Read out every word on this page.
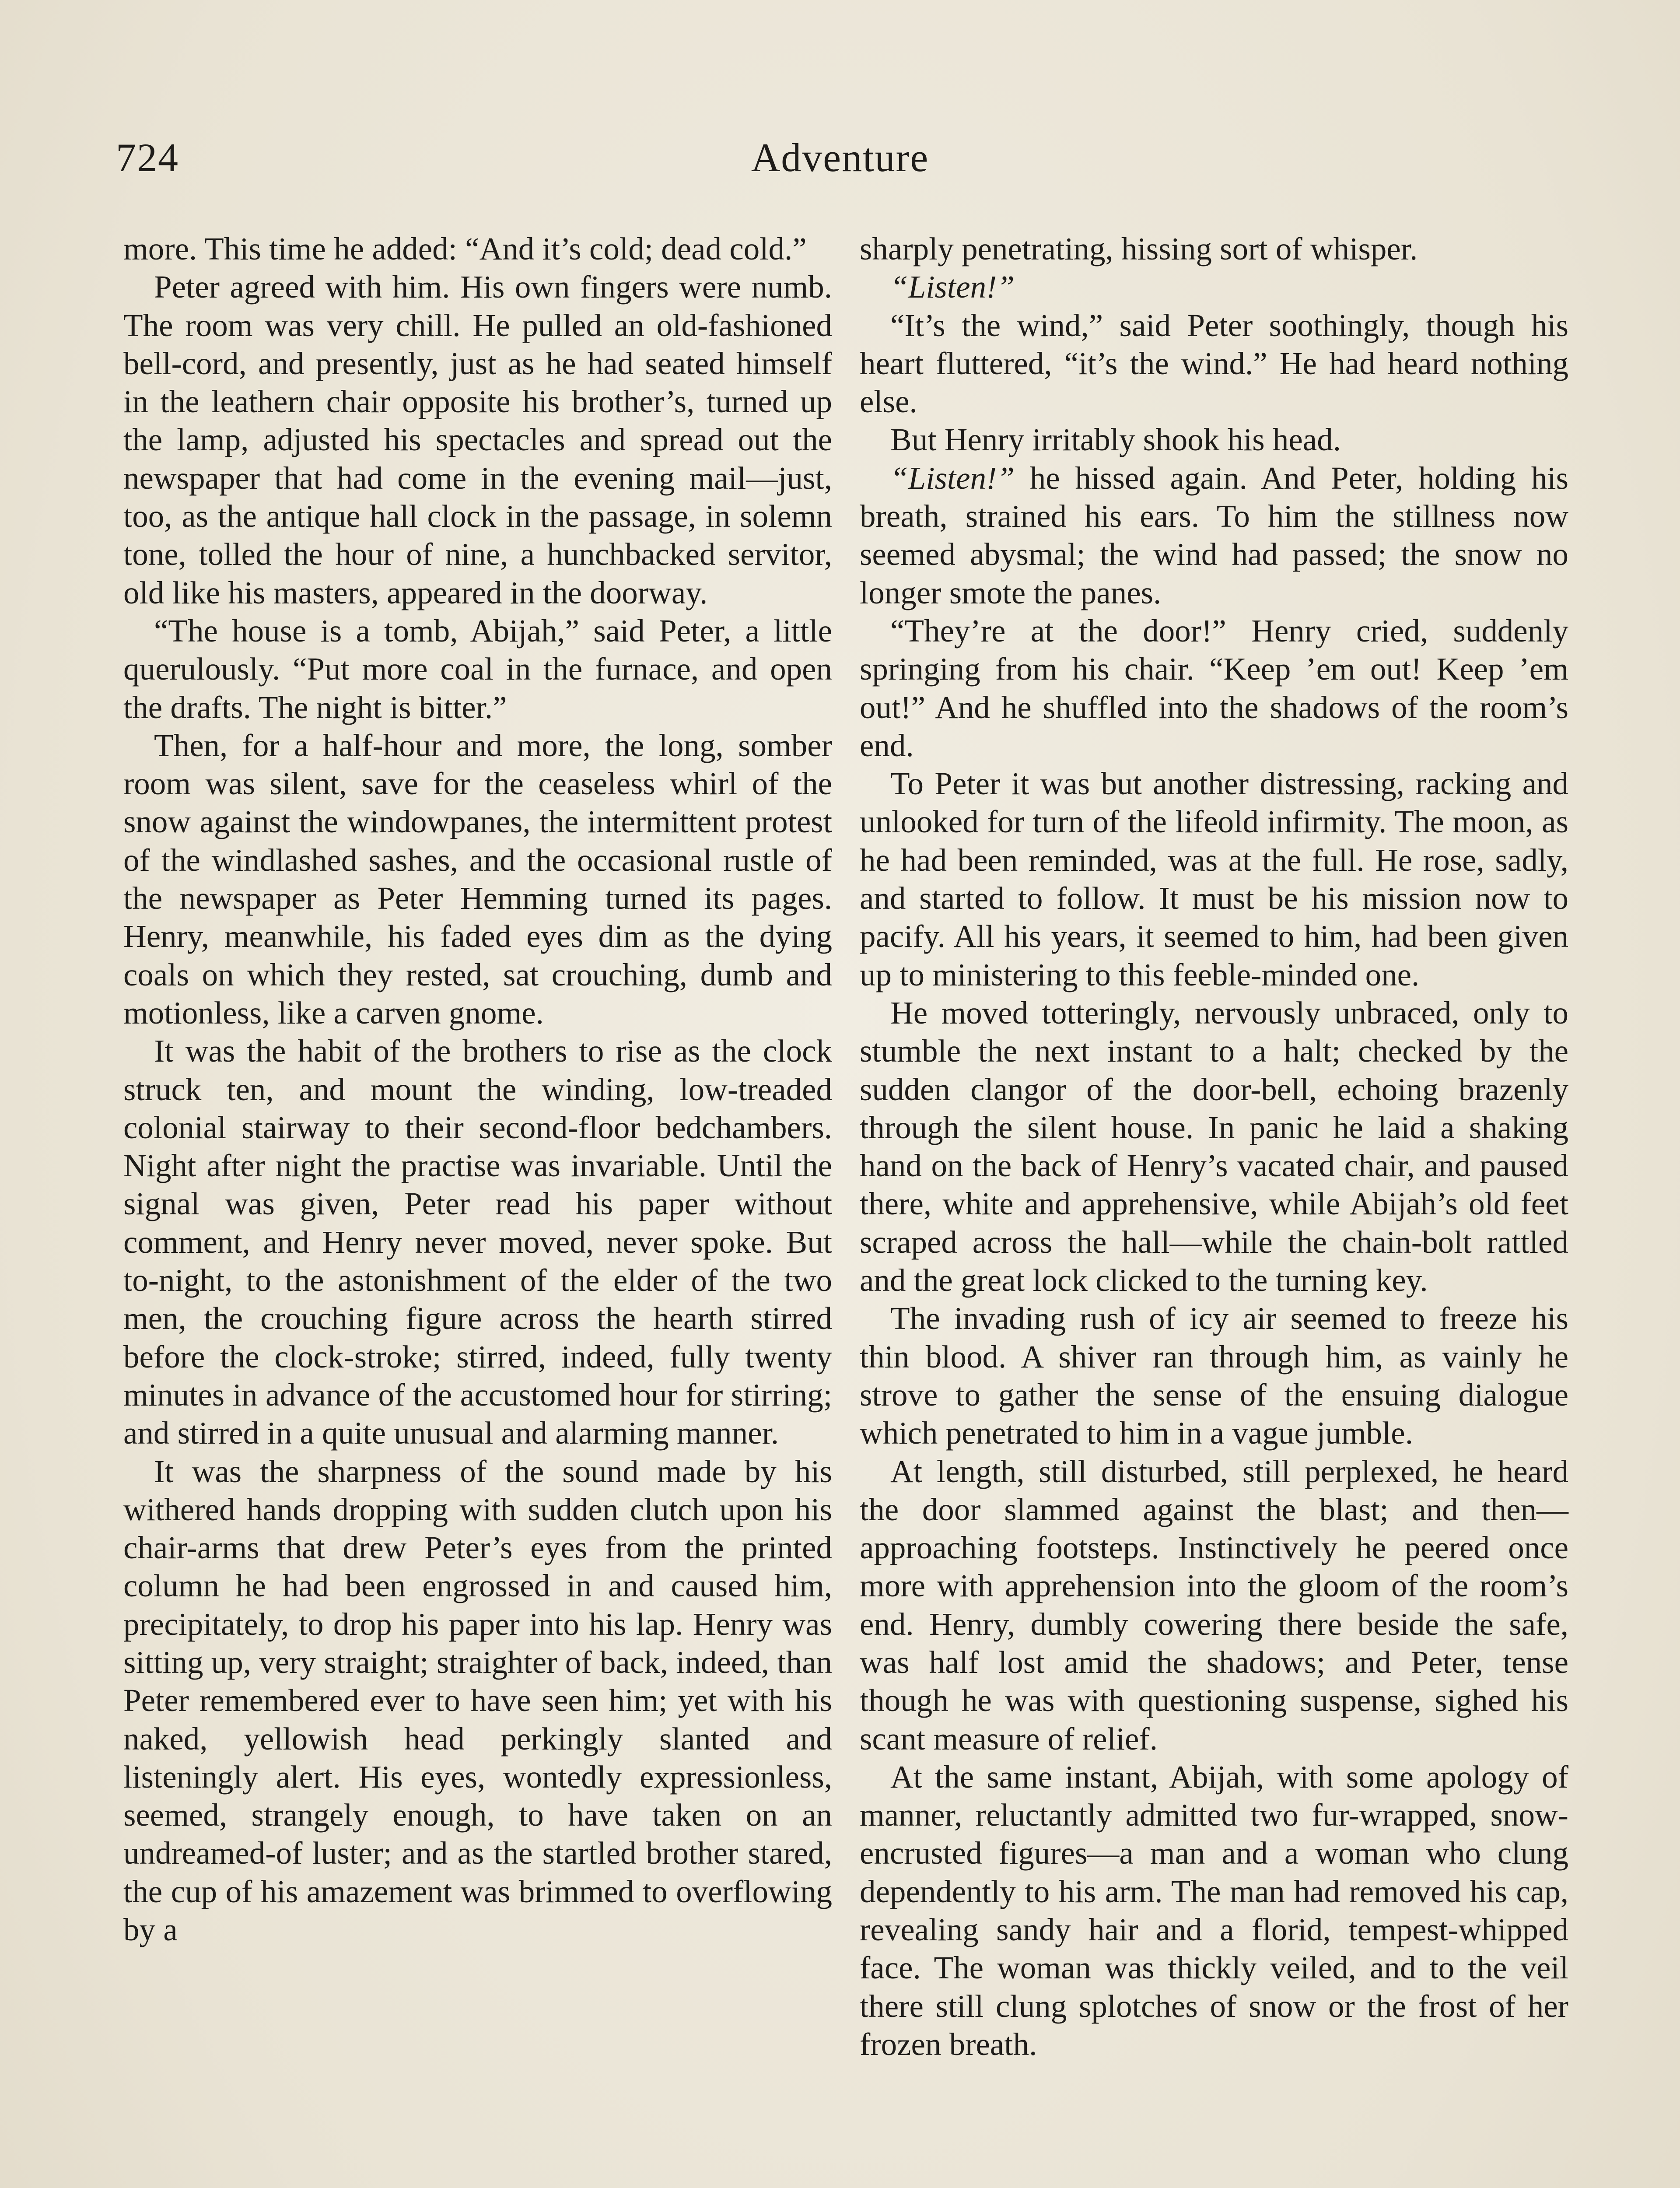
724	Adventure

more. This time he added: “And it’s cold; dead cold.”

Peter agreed with him. His own fingers were numb. The room was very chill. He pulled an old-fashioned bell-cord, and presently, just as he had seated himself in the leathern chair opposite his brother’s, turned up the lamp, adjusted his spectacles and spread out the newspaper that had come in the evening mail—just, too, as the antique hall clock in the passage, in solemn tone, tolled the hour of nine, a hunchbacked servitor, old like his masters, appeared in the doorway.

“The house is a tomb, Abijah,” said Peter, a little querulously. “Put more coal in the furnace, and open the drafts. The night is bitter.”

Then, for a half-hour and more, the long, somber room was silent, save for the ceaseless whirl of the snow against the windowpanes, the intermittent protest of the windlashed sashes, and the occasional rustle of the newspaper as Peter Hemming turned its pages. Henry, meanwhile, his faded eyes dim as the dying coals on which they rested, sat crouching, dumb and motionless, like a carven gnome.

It was the habit of the brothers to rise as the clock struck ten, and mount the winding, low-treaded colonial stairway to their second-floor bedchambers. Night after night the practise was invariable. Until the signal was given, Peter read his paper without comment, and Henry never moved, never spoke. But to-night, to the astonishment of the elder of the two men, the crouching figure across the hearth stirred before the clock-stroke; stirred, indeed, fully twenty minutes in advance of the accustomed hour for stirring; and stirred in a quite unusual and alarming manner.

It was the sharpness of the sound made by his withered hands dropping with sudden clutch upon his chair-arms that drew Peter’s eyes from the printed column he had been engrossed in and caused him, precipitately, to drop his paper into his lap. Henry was sitting up, very straight; straighter of back, indeed, than Peter remembered ever to have seen him; yet with his naked, yellowish head perkingly slanted and listeningly alert. His eyes, wontedly expressionless, seemed, strangely enough, to have taken on an undreamed-of luster; and as the startled brother stared, the cup of his amazement was brimmed to overflowing by a

sharply penetrating, hissing sort of whisper.

“Listen!”

“It’s the wind,” said Peter soothingly, though his heart fluttered, “it’s the wind.” He had heard nothing else.

But Henry irritably shook his head.

“Listen!” he hissed again. And Peter, holding his breath, strained his ears. To him the stillness now seemed abysmal; the wind had passed; the snow no longer smote the panes.

“They’re at the door!” Henry cried, suddenly springing from his chair. “Keep ’em out! Keep ’em out!” And he shuffled into the shadows of the room’s end.

To Peter it was but another distressing, racking and unlooked for turn of the lifeold infirmity. The moon, as he had been reminded, was at the full. He rose, sadly, and started to follow. It must be his mission now to pacify. All his years, it seemed to him, had been given up to ministering to this feeble-minded one.

He moved totteringly, nervously unbraced, only to stumble the next instant to a halt; checked by the sudden clangor of the door-bell, echoing brazenly through the silent house. In panic he laid a shaking hand on the back of Henry’s vacated chair, and paused there, white and apprehensive, while Abijah’s old feet scraped across the hall—while the chain-bolt rattled and the great lock clicked to the turning key.

The invading rush of icy air seemed to freeze his thin blood. A shiver ran through him, as vainly he strove to gather the sense of the ensuing dialogue which penetrated to him in a vague jumble.

At length, still disturbed, still perplexed, he heard the door slammed against the blast; and then—approaching footsteps. Instinctively he peered once more with apprehension into the gloom of the room’s end. Henry, dumbly cowering there beside the safe, was half lost amid the shadows; and Peter, tense though he was with questioning suspense, sighed his scant measure of relief.

At the same instant, Abijah, with some apology of manner, reluctantly admitted two fur-wrapped, snow-encrusted figures—a man and a woman who clung dependently to his arm. The man had removed his cap, revealing sandy hair and a florid, tempest-whipped face. The woman was thickly veiled, and to the veil there still clung splotches of snow or the frost of her frozen breath.
